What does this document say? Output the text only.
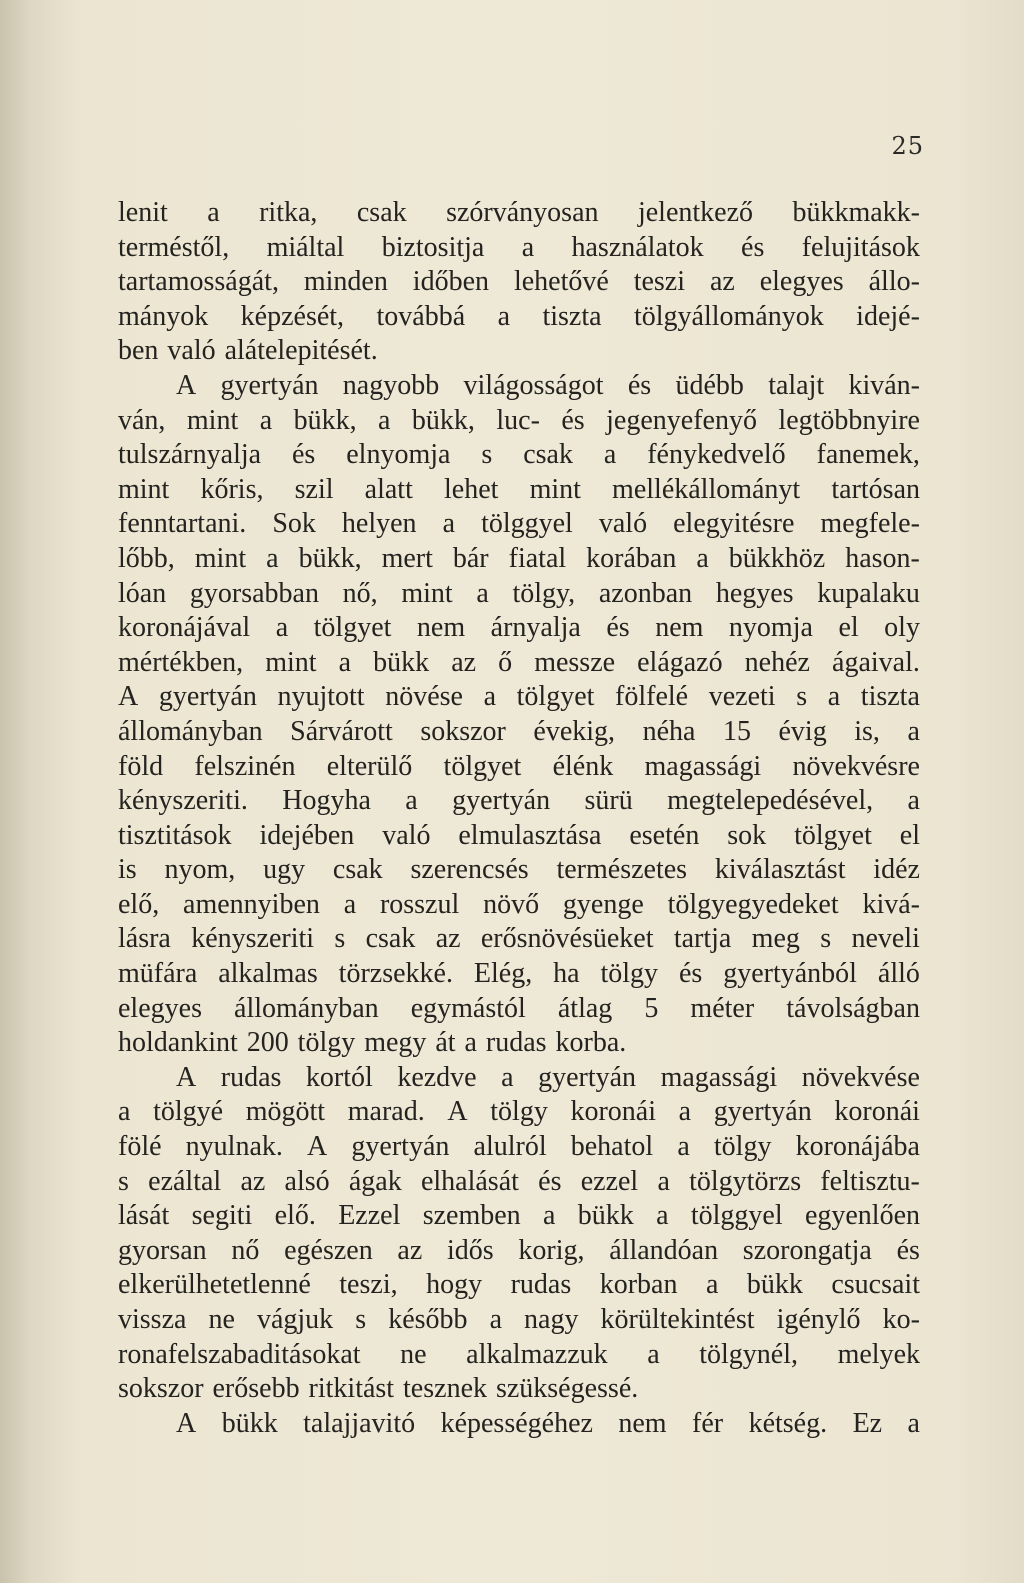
25
lenit a ritka, csak szórványosan jelentkező bükkmakk-
terméstől, miáltal biztositja a használatok és felujitások
tartamosságát, minden időben lehetővé teszi az elegyes állo-
mányok képzését, továbbá a tiszta tölgyállományok idejé-
ben való alátelepitését.
A gyertyán nagyobb világosságot és üdébb talajt kiván-
ván, mint a bükk, a bükk, luc- és jegenyefenyő legtöbbnyire
tulszárnyalja és elnyomja s csak a fénykedvelő fanemek,
mint kőris, szil alatt lehet mint mellékállományt tartósan
fenntartani. Sok helyen a tölggyel való elegyitésre megfele-
lőbb, mint a bükk, mert bár fiatal korában a bükkhöz hason-
lóan gyorsabban nő, mint a tölgy, azonban hegyes kupalaku
koronájával a tölgyet nem árnyalja és nem nyomja el oly
mértékben, mint a bükk az ő messze elágazó nehéz ágaival.
A gyertyán nyujtott növése a tölgyet fölfelé vezeti s a tiszta
állományban Sárvárott sokszor évekig, néha 15 évig is, a
föld felszinén elterülő tölgyet élénk magassági növekvésre
kényszeriti. Hogyha a gyertyán sürü megtelepedésével, a
tisztitások idejében való elmulasztása esetén sok tölgyet el
is nyom, ugy csak szerencsés természetes kiválasztást idéz
elő, amennyiben a rosszul növő gyenge tölgyegyedeket kivá-
lásra kényszeriti s csak az erősnövésüeket tartja meg s neveli
müfára alkalmas törzsekké. Elég, ha tölgy és gyertyánból álló
elegyes állományban egymástól átlag 5 méter távolságban
holdankint 200 tölgy megy át a rudas korba.
A rudas kortól kezdve a gyertyán magassági növekvése
a tölgyé mögött marad. A tölgy koronái a gyertyán koronái
fölé nyulnak. A gyertyán alulról behatol a tölgy koronájába
s ezáltal az alsó ágak elhalását és ezzel a tölgytörzs feltisztu-
lását segiti elő. Ezzel szemben a bükk a tölggyel egyenlően
gyorsan nő egészen az idős korig, állandóan szorongatja és
elkerülhetetlenné teszi, hogy rudas korban a bükk csucsait
vissza ne vágjuk s később a nagy körültekintést igénylő ko-
ronafelszabaditásokat ne alkalmazzuk a tölgynél, melyek
sokszor erősebb ritkitást tesznek szükségessé.
A bükk talajjavitó képességéhez nem fér kétség. Ez a
